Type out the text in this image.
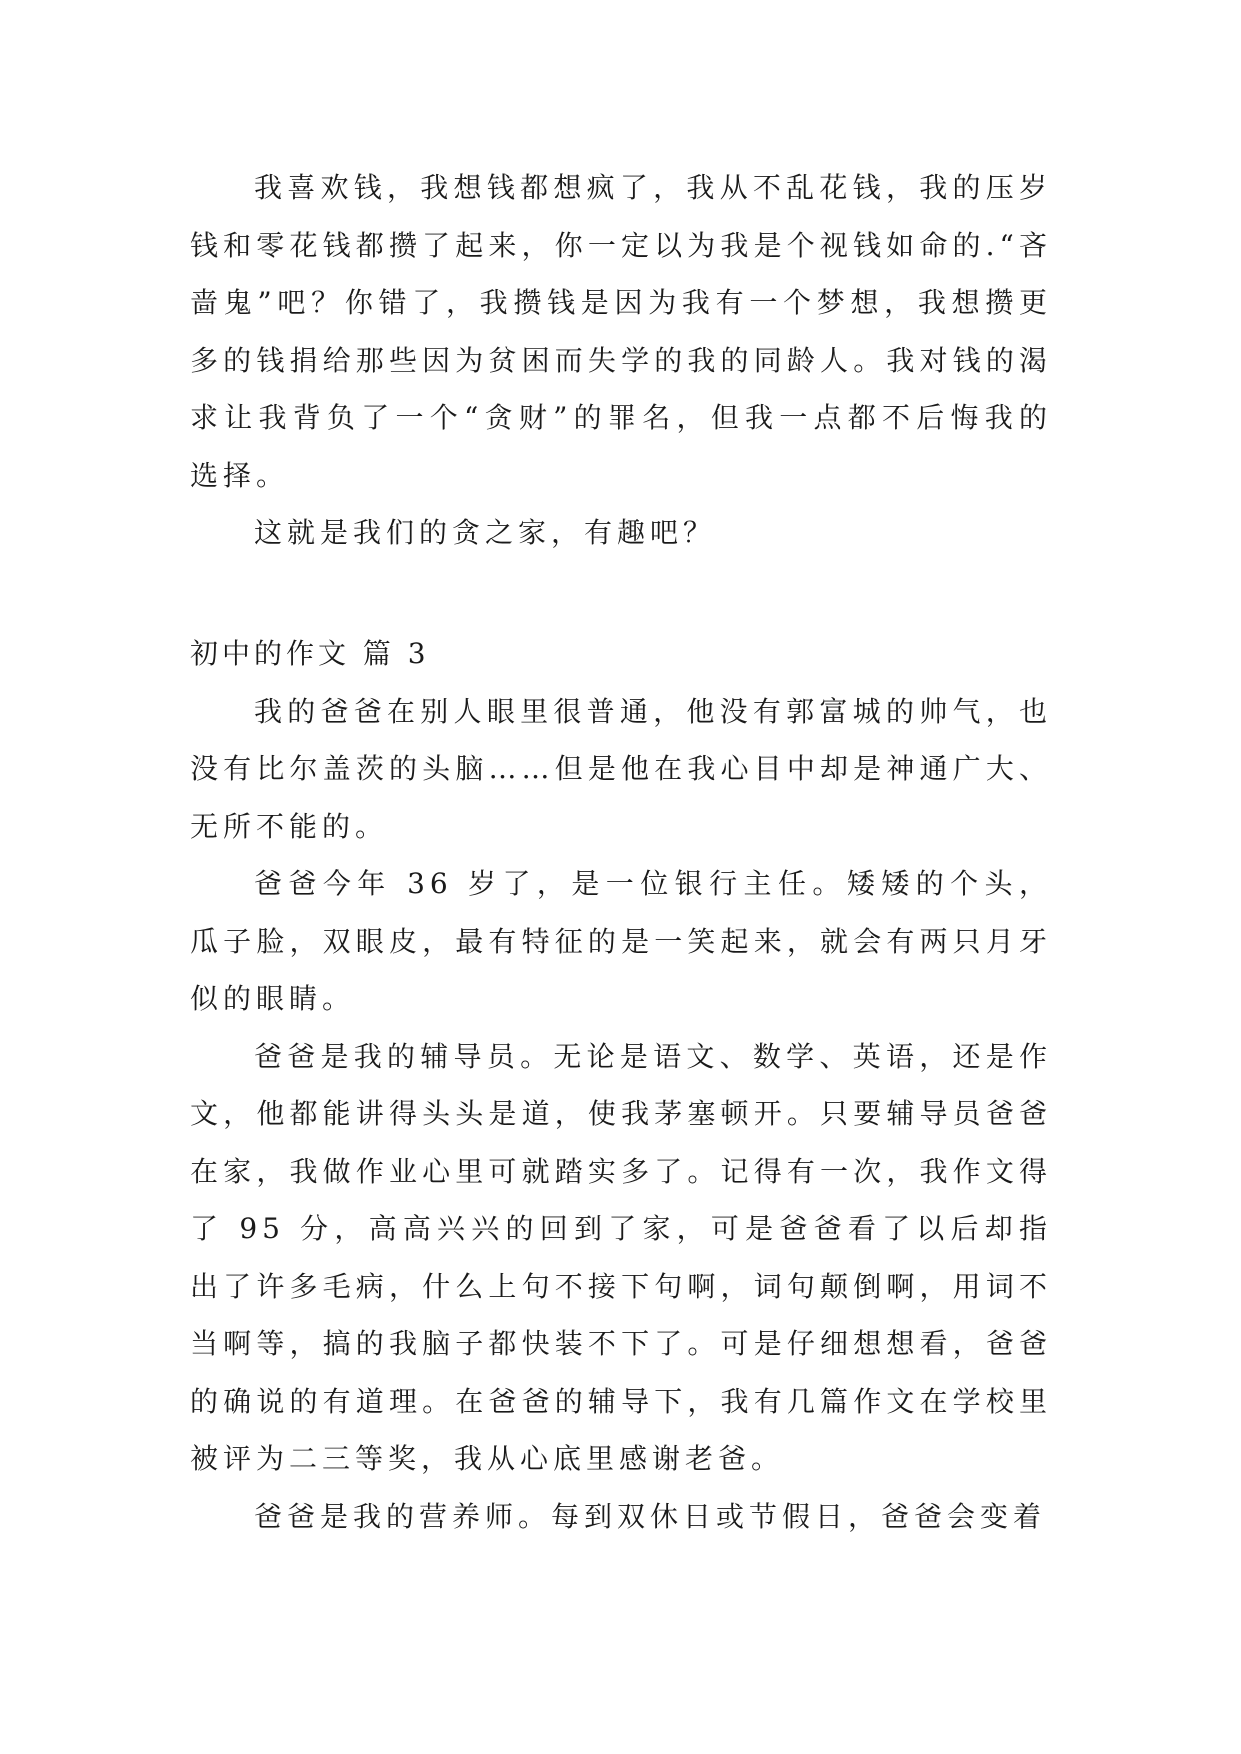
我喜欢钱，我想钱都想疯了，我从不乱花钱，我的压岁钱和零花钱都攒了起来，你一定以为我是个视钱如命的.“吝啬鬼”吧？你错了，我攒钱是因为我有一个梦想，我想攒更多的钱捐给那些因为贫困而失学的我的同龄人。我对钱的渴求让我背负了一个“贪财”的罪名，但我一点都不后悔我的选择。

这就是我们的贪之家，有趣吧？

初中的作文 篇 3

我的爸爸在别人眼里很普通，他没有郭富城的帅气，也没有比尔盖茨的头脑……但是他在我心目中却是神通广大、无所不能的。

爸爸今年 36 岁了，是一位银行主任。矮矮的个头，瓜子脸，双眼皮，最有特征的是一笑起来，就会有两只月牙似的眼睛。

爸爸是我的辅导员。无论是语文、数学、英语，还是作文，他都能讲得头头是道，使我茅塞顿开。只要辅导员爸爸在家，我做作业心里可就踏实多了。记得有一次，我作文得了 95 分，高高兴兴的回到了家，可是爸爸看了以后却指出了许多毛病，什么上句不接下句啊，词句颠倒啊，用词不当啊等，搞的我脑子都快装不下了。可是仔细想想看，爸爸的确说的有道理。在爸爸的辅导下，我有几篇作文在学校里被评为二三等奖，我从心底里感谢老爸。

爸爸是我的营养师。每到双休日或节假日，爸爸会变着
